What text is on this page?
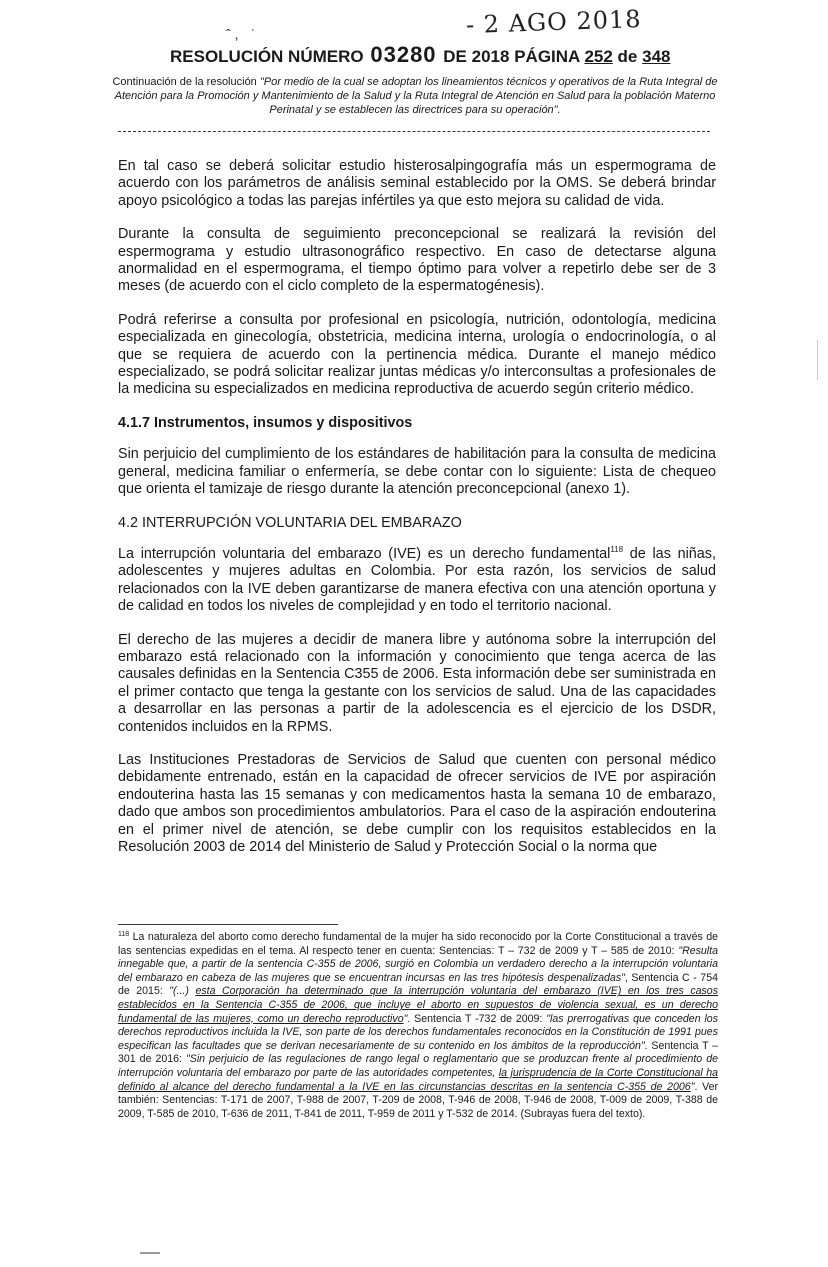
- 2 AGO 2018
ˆ, ˈ
RESOLUCIÓN NÚMERO 03280 DE 2018 PÁGINA 252 de 348
Continuación de la resolución "Por medio de la cual se adoptan los lineamientos técnicos y operativos de la Ruta Integral de Atención para la Promoción y Mantenimiento de la Salud y la Ruta Integral de Atención en Salud para la población Materno Perinatal y se establecen las directrices para su operación".

En tal caso se deberá solicitar estudio histerosalpingografía más un espermograma de acuerdo con los parámetros de análisis seminal establecido por la OMS. Se deberá brindar apoyo psicológico a todas las parejas infértiles ya que esto mejora su calidad de vida.

Durante la consulta de seguimiento preconcepcional se realizará la revisión del espermograma y estudio ultrasonográfico respectivo. En caso de detectarse alguna anormalidad en el espermograma, el tiempo óptimo para volver a repetirlo debe ser de 3 meses (de acuerdo con el ciclo completo de la espermatogénesis).

Podrá referirse a consulta por profesional en psicología, nutrición, odontología, medicina especializada en ginecología, obstetricia, medicina interna, urología o endocrinología, o al que se requiera de acuerdo con la pertinencia médica. Durante el manejo médico especializado, se podrá solicitar realizar juntas médicas y/o interconsultas a profesionales de la medicina su especializados en medicina reproductiva de acuerdo según criterio médico.

4.1.7 Instrumentos, insumos y dispositivos

Sin perjuicio del cumplimiento de los estándares de habilitación para la consulta de medicina general, medicina familiar o enfermería, se debe contar con lo siguiente: Lista de chequeo que orienta el tamizaje de riesgo durante la atención preconcepcional (anexo 1).

4.2 INTERRUPCIÓN VOLUNTARIA DEL EMBARAZO

La interrupción voluntaria del embarazo (IVE) es un derecho fundamental$^{118}$ de las niñas, adolescentes y mujeres adultas en Colombia. Por esta razón, los servicios de salud relacionados con la IVE deben garantizarse de manera efectiva con una atención oportuna y de calidad en todos los niveles de complejidad y en todo el territorio nacional.

El derecho de las mujeres a decidir de manera libre y autónoma sobre la interrupción del embarazo está relacionado con la información y conocimiento que tenga acerca de las causales definidas en la Sentencia C355 de 2006. Esta información debe ser suministrada en el primer contacto que tenga la gestante con los servicios de salud. Una de las capacidades a desarrollar en las personas a partir de la adolescencia es el ejercicio de los DSDR, contenidos incluidos en la RPMS.

Las Instituciones Prestadoras de Servicios de Salud que cuenten con personal médico debidamente entrenado, están en la capacidad de ofrecer servicios de IVE por aspiración endouterina hasta las 15 semanas y con medicamentos hasta la semana 10 de embarazo, dado que ambos son procedimientos ambulatorios. Para el caso de la aspiración endouterina en el primer nivel de atención, se debe cumplir con los requisitos establecidos en la Resolución 2003 de 2014 del Ministerio de Salud y Protección Social o la norma que

$^{118}$ La naturaleza del aborto como derecho fundamental de la mujer ha sido reconocido por la Corte Constitucional a través de las sentencias expedidas en el tema. Al respecto tener en cuenta: Sentencias: T – 732 de 2009 y T – 585 de 2010: "Resulta innegable que, a partir de la sentencia C-355 de 2006, surgió en Colombia un verdadero derecho a la interrupción voluntaria del embarazo en cabeza de las mujeres que se encuentran incursas en las tres hipótesis despenalizadas", Sentencia C - 754 de 2015: "(...) esta Corporación ha determinado que la interrupción voluntaria del embarazo (IVE) en los tres casos establecidos en la Sentencia C-355 de 2006, que incluye el aborto en supuestos de violencia sexual, es un derecho fundamental de las mujeres, como un derecho reproductivo". Sentencia T -732 de 2009: "las prerrogativas que conceden los derechos reproductivos incluida la IVE, son parte de los derechos fundamentales reconocidos en la Constitución de 1991 pues especifican las facultades que se derivan necesariamente de su contenido en los ámbitos de la reproducción". Sentencia T – 301 de 2016: "Sin perjuicio de las regulaciones de rango legal o reglamentario que se produzcan frente al procedimiento de interrupción voluntaria del embarazo por parte de las autoridades competentes, la jurisprudencia de la Corte Constitucional ha definido al alcance del derecho fundamental a la IVE en las circunstancias descritas en la sentencia C-355 de 2006". Ver también: Sentencias: T-171 de 2007, T-988 de 2007, T-209 de 2008, T-946 de 2008, T-946 de 2008, T-009 de 2009, T-388 de 2009, T-585 de 2010, T-636 de 2011, T-841 de 2011, T-959 de 2011 y T-532 de 2014. (Subrayas fuera del texto).
